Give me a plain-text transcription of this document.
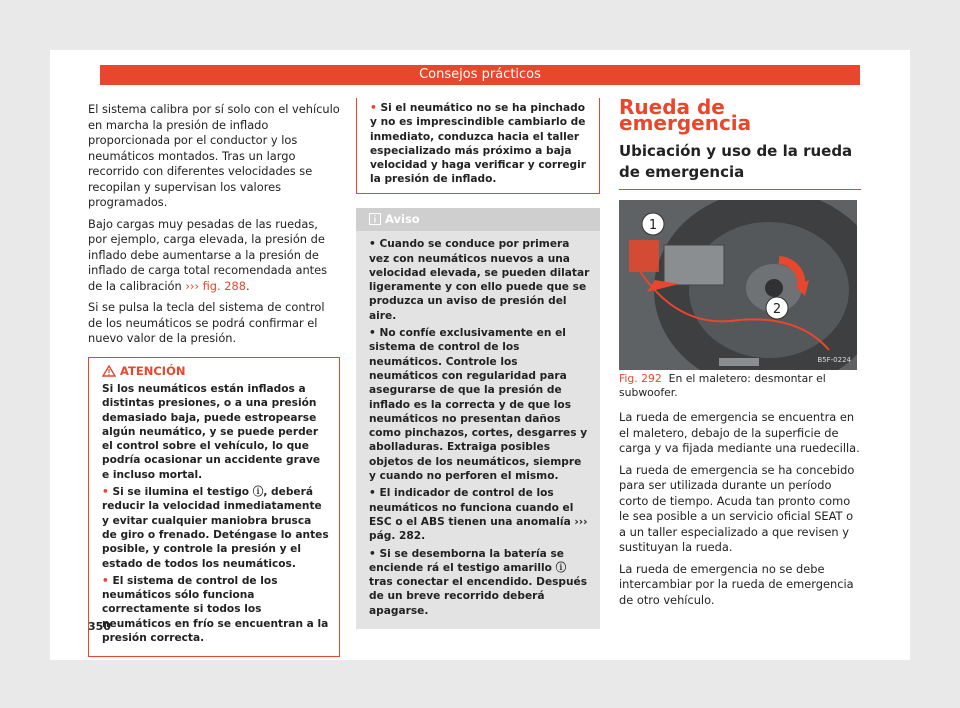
Consejos prácticos

El sistema calibra por sí solo con el vehículo en marcha la presión de inflado proporcionada por el conductor y los neumáticos montados. Tras un largo recorrido con diferentes velocidades se recopilan y supervisan los valores programados.

Bajo cargas muy pesadas de las ruedas, por ejemplo, carga elevada, la presión de inflado debe aumentarse a la presión de inflado de carga total recomendada antes de la calibración ››› fig. 288.

Si se pulsa la tecla del sistema de control de los neumáticos se podrá confirmar el nuevo valor de la presión.

ATENCIÓN

Si los neumáticos están inflados a distintas presiones, o a una presión demasiado baja, puede estropearse algún neumático, y se puede perder el control sobre el vehículo, lo que podría ocasionar un accidente grave e incluso mortal.

• Si se ilumina el testigo ⓘ, deberá reducir la velocidad inmediatamente y evitar cualquier maniobra brusca de giro o frenado. Deténgase lo antes posible, y controle la presión y el estado de todos los neumáticos.

• El sistema de control de los neumáticos sólo funciona correctamente si todos los neumáticos en frío se encuentran a la presión correcta.

• Si el neumático no se ha pinchado y no es imprescindible cambiarlo de inmediato, conduzca hacia el taller especializado más próximo a baja velocidad y haga verificar y corregir la presión de inflado.
Aviso

• Cuando se conduce por primera vez con neumáticos nuevos a una velocidad elevada, se pueden dilatar ligeramente y con ello puede que se produzca un aviso de presión del aire.

• No confíe exclusivamente en el sistema de control de los neumáticos. Controle los neumáticos con regularidad para asegurarse de que la presión de inflado es la correcta y de que los neumáticos no presentan daños como pinchazos, cortes, desgarres y abolladuras. Extraiga posibles objetos de los neumáticos, siempre y cuando no perforen el mismo.

• El indicador de control de los neumáticos no funciona cuando el ESC o el ABS tienen una anomalía ››› pág. 282.

• Si se desemborna la batería se enciende rá el testigo amarillo ⓘ tras conectar el encendido. Después de un breve recorrido deberá apagarse.

Rueda de emergencia
Ubicación y uso de la rueda de emergencia
1
2
B5F-0224
Fig. 292 En el maletero: desmontar el subwoofer.

La rueda de emergencia se encuentra en el maletero, debajo de la superficie de carga y va fijada mediante una ruedecilla.

La rueda de emergencia se ha concebido para ser utilizada durante un período corto de tiempo. Acuda tan pronto como le sea posible a un servicio oficial SEAT o a un taller especializado a que revisen y sustituyan la rueda.

La rueda de emergencia no se debe intercambiar por la rueda de emergencia de otro vehículo.

350
